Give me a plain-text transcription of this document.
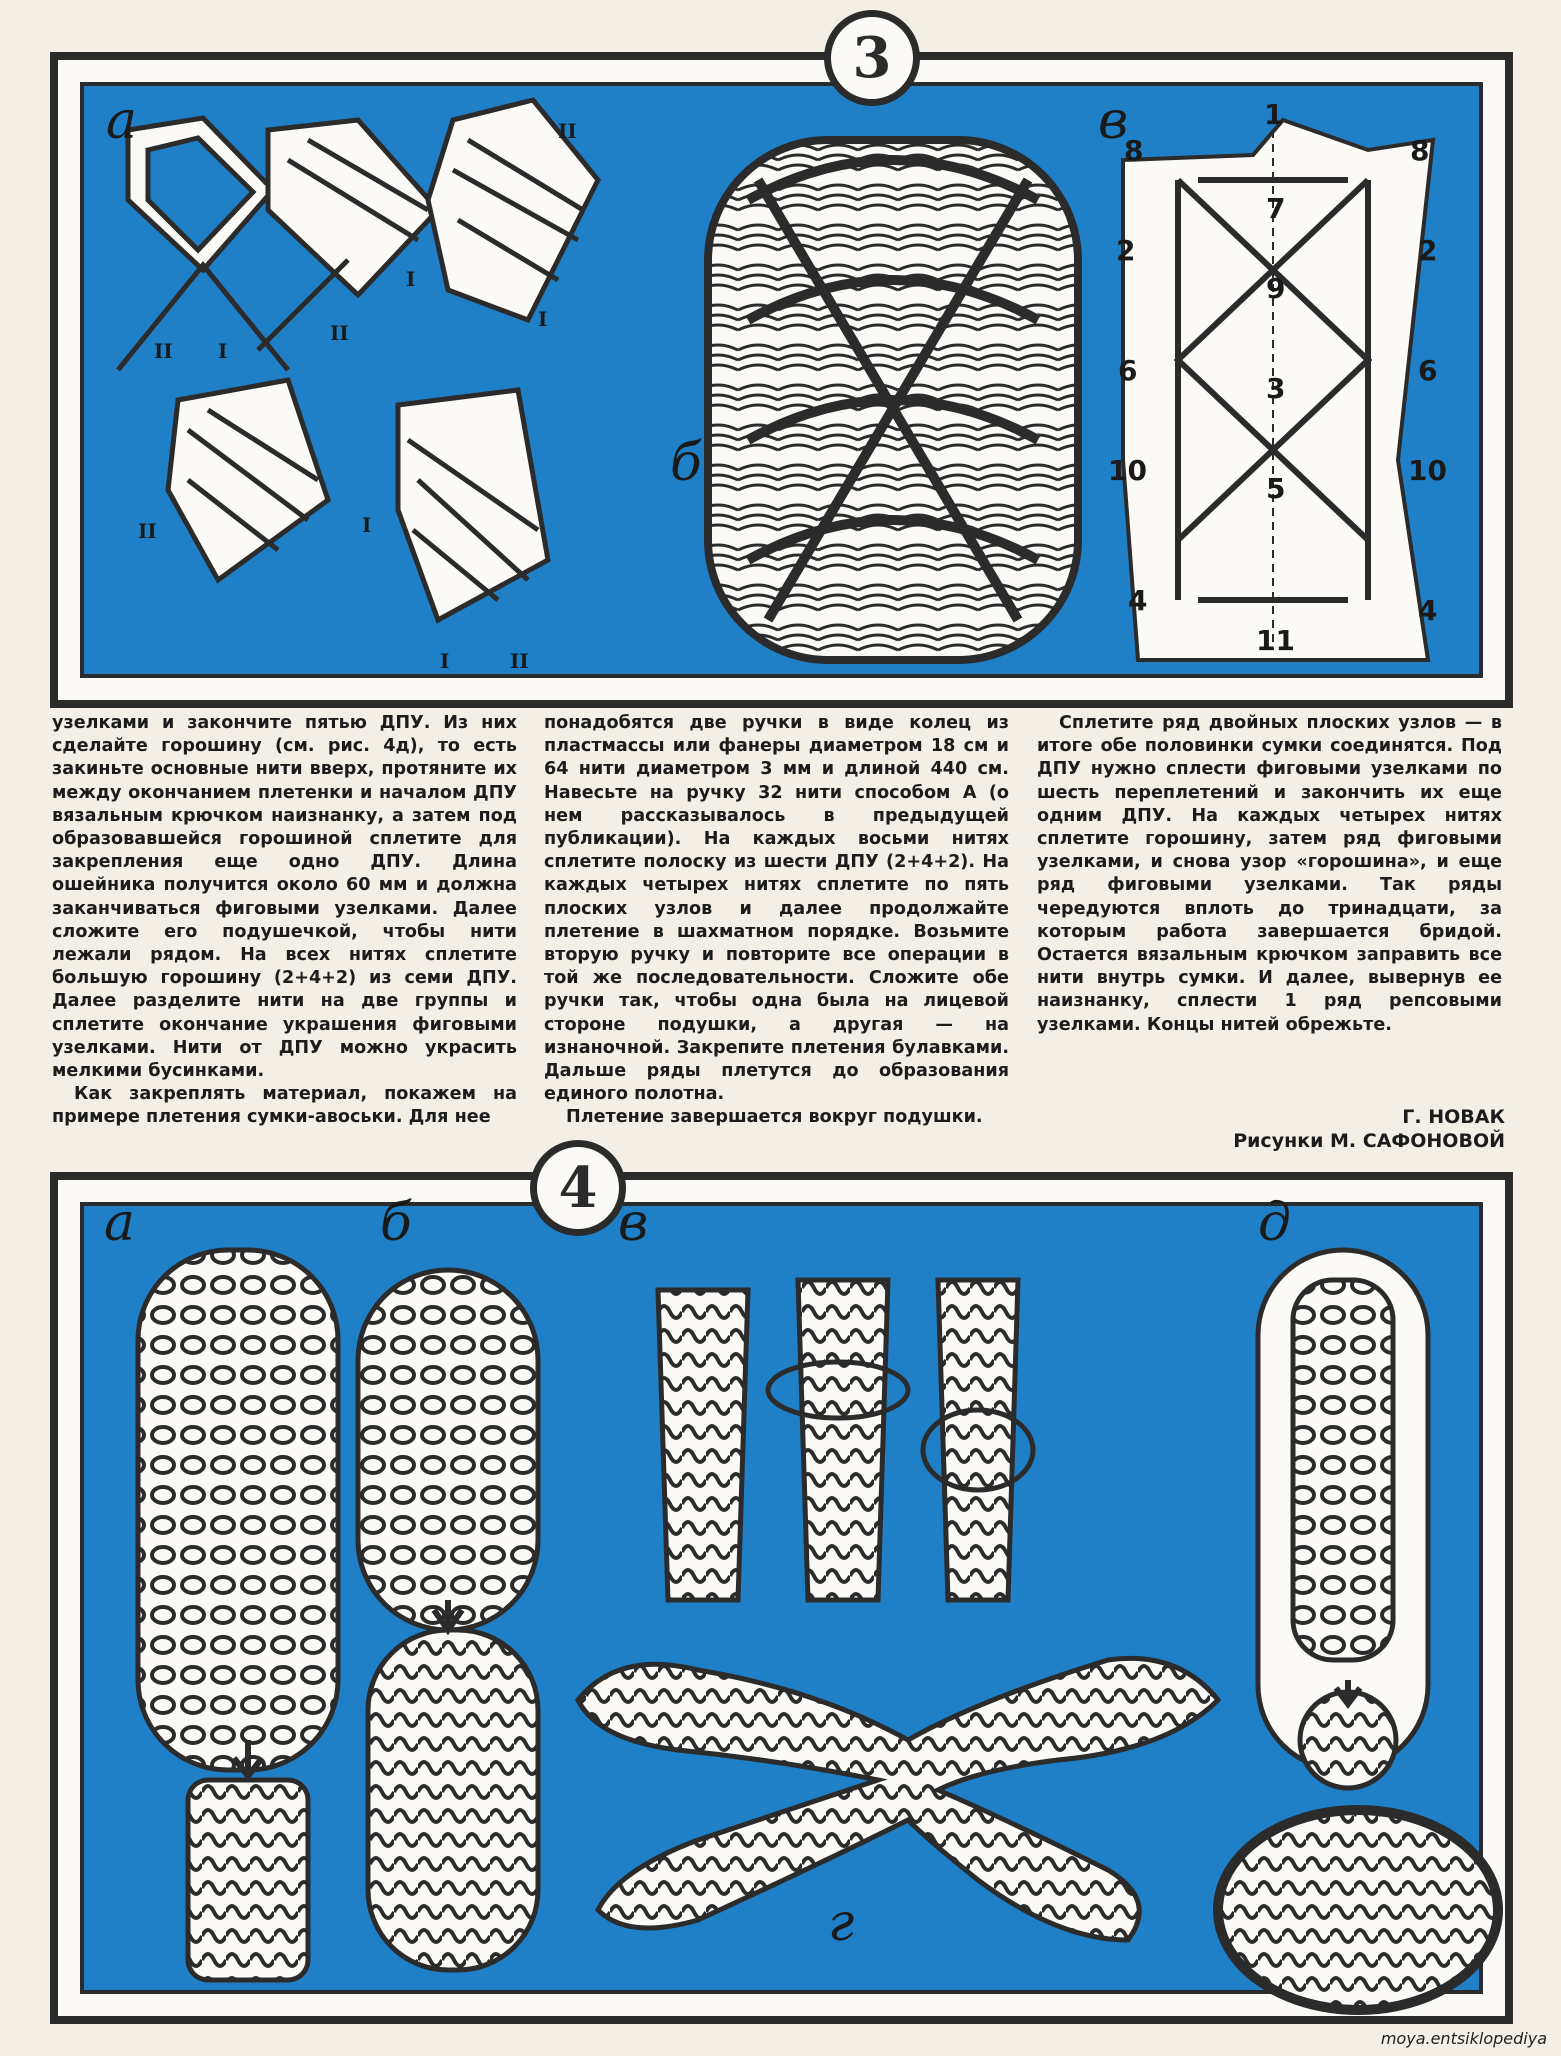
а
II I
II
I
I
II
II	I
I	II
б
в	1
7
9
3
5
11
8	8
2	2
6	6
10	10
4	4
3

узелками и закончите пятью ДПУ. Из них сделайте горошину (см. рис. 4д), то есть закиньте основные нити вверх, протяните их между окончанием плетенки и началом ДПУ вязальным крючком наизнанку, а затем под образовавшейся горошиной сплетите для закрепления еще одно ДПУ. Длина ошейника получится около 60 мм и должна заканчиваться фиговыми узелками. Далее сложите его подушечкой, чтобы нити лежали рядом. На всех нитях сплетите большую горошину (2+4+2) из семи ДПУ. Далее разделите нити на две группы и сплетите окончание украшения фиговыми узелками. Нити от ДПУ можно украсить мелкими бусинками.

Как закреплять материал, покажем на примере плетения сумки-авоськи. Для нее

понадобятся две ручки в виде колец из пластмассы или фанеры диаметром 18 см и 64 нити диаметром 3 мм и длиной 440 см. Навесьте на ручку 32 нити способом А (о нем рассказывалось в предыдущей публикации). На каждых восьми нитях сплетите полоску из шести ДПУ (2+4+2). На каждых четырех нитях сплетите по пять плоских узлов и далее продолжайте плетение в шахматном порядке. Возьмите вторую ручку и повторите все операции в той же последовательности. Сложите обе ручки так, чтобы одна была на лицевой стороне подушки, а другая — на изнаночной. Закрепите плетения булавками. Дальше ряды плетутся до образования единого полотна.

Плетение завершается вокруг подушки.

Сплетите ряд двойных плоских узлов — в итоге обе половинки сумки соединятся. Под ДПУ нужно сплести фиговыми узелками по шесть переплетений и закончить их еще одним ДПУ. На каждых четырех нитях сплетите горошину, затем ряд фиговыми узелками, и снова узор «горошина», и еще ряд фиговыми узелками. Так ряды чередуются вплоть до тринадцати, за которым работа завершается бридой. Остается вязальным крючком заправить все нити внутрь сумки. И далее, вывернув ее наизнанку, сплести 1 ряд репсовыми узелками. Концы нитей обрежьте.

Г. НОВАК
Рисунки М. САФОНОВОЙ
а	б	в
г
д
4
moya.entsiklopediya
